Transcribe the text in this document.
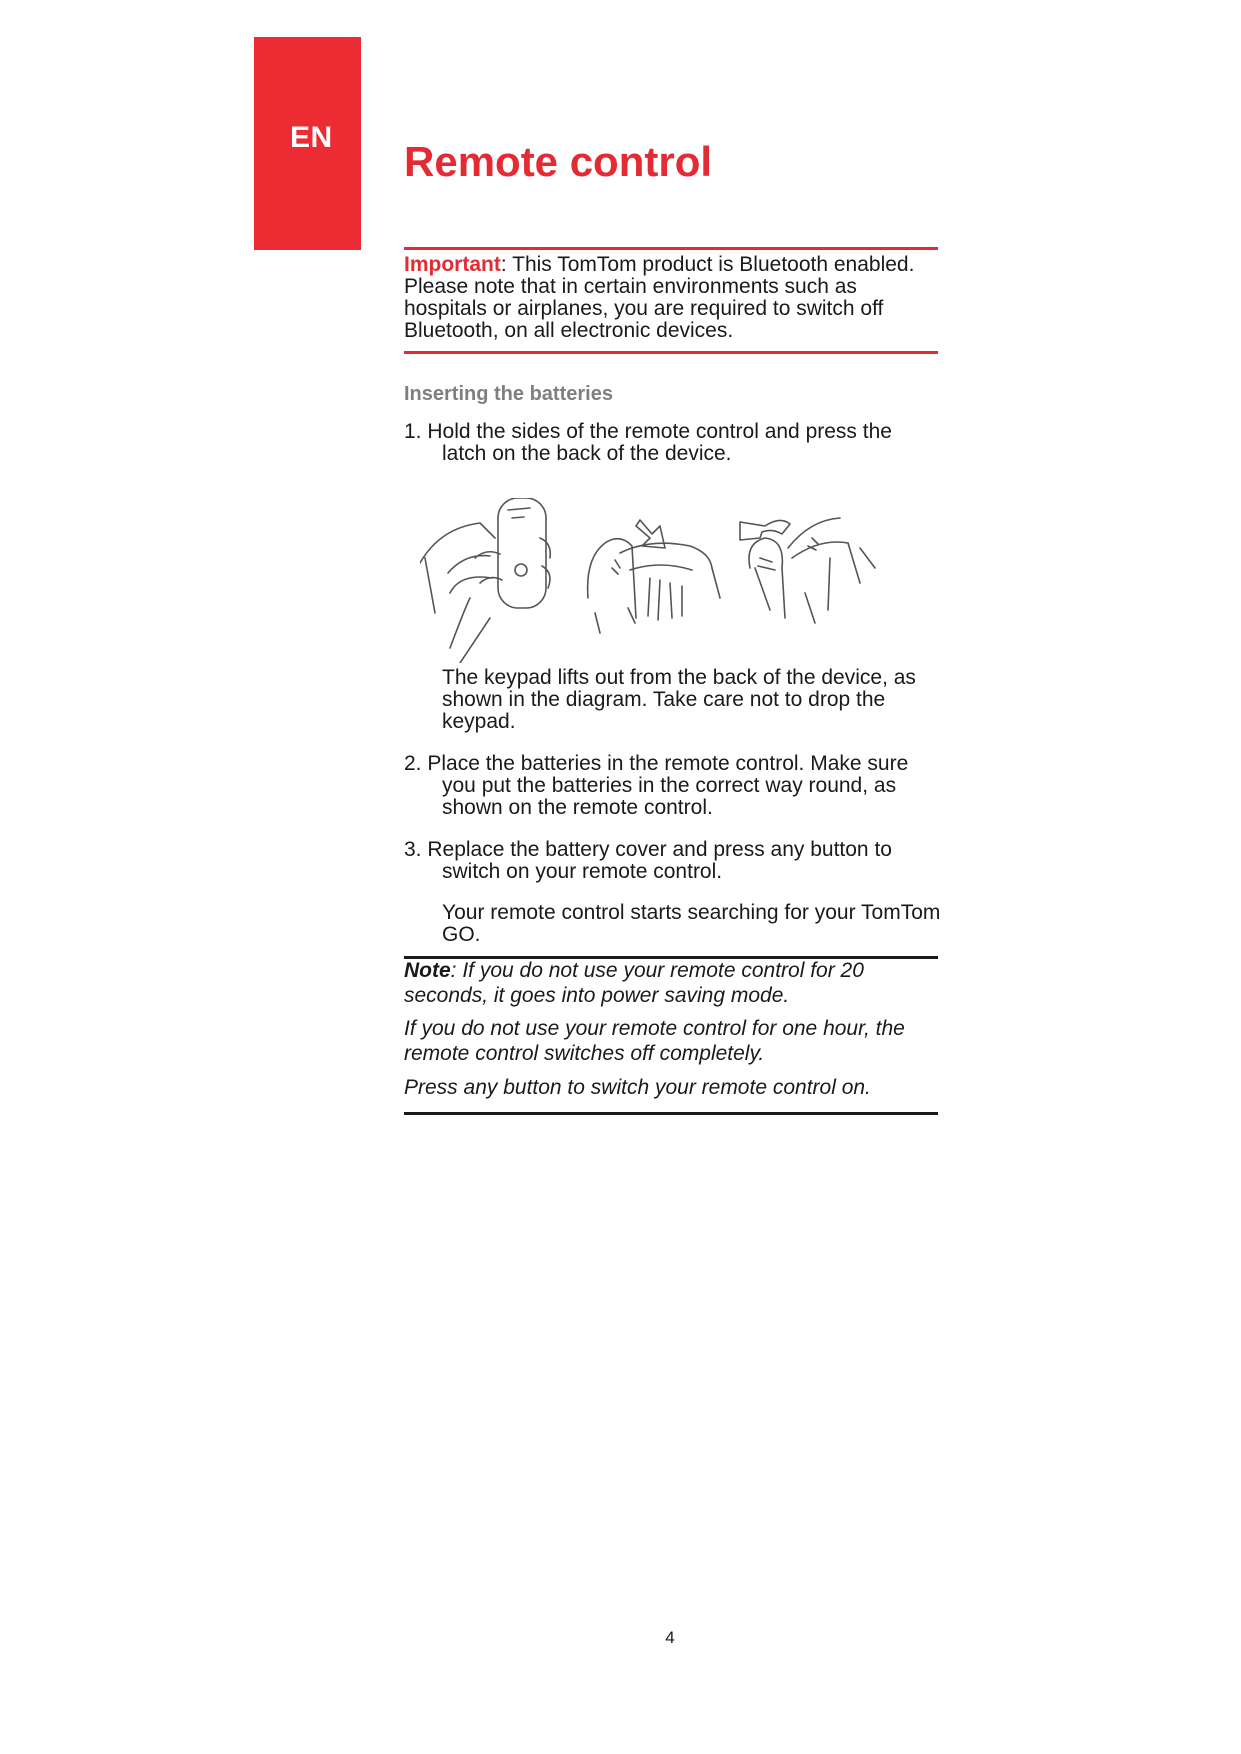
EN
Remote control
Important: This TomTom product is Bluetooth enabled. Please note that in certain environments such as hospitals or airplanes, you are required to switch off Bluetooth, on all electronic devices.
Inserting the batteries
1. Hold the sides of the remote control and press the latch on the back of the device.
The keypad lifts out from the back of the device, as shown in the diagram. Take care not to drop the keypad.
2. Place the batteries in the remote control. Make sure you put the batteries in the correct way round, as shown on the remote control.
3. Replace the battery cover and press any button to switch on your remote control.
Your remote control starts searching for your TomTom GO.
Note: If you do not use your remote control for 20 seconds, it goes into power saving mode.
If you do not use your remote control for one hour, the remote control switches off completely.
Press any button to switch your remote control on.
4
